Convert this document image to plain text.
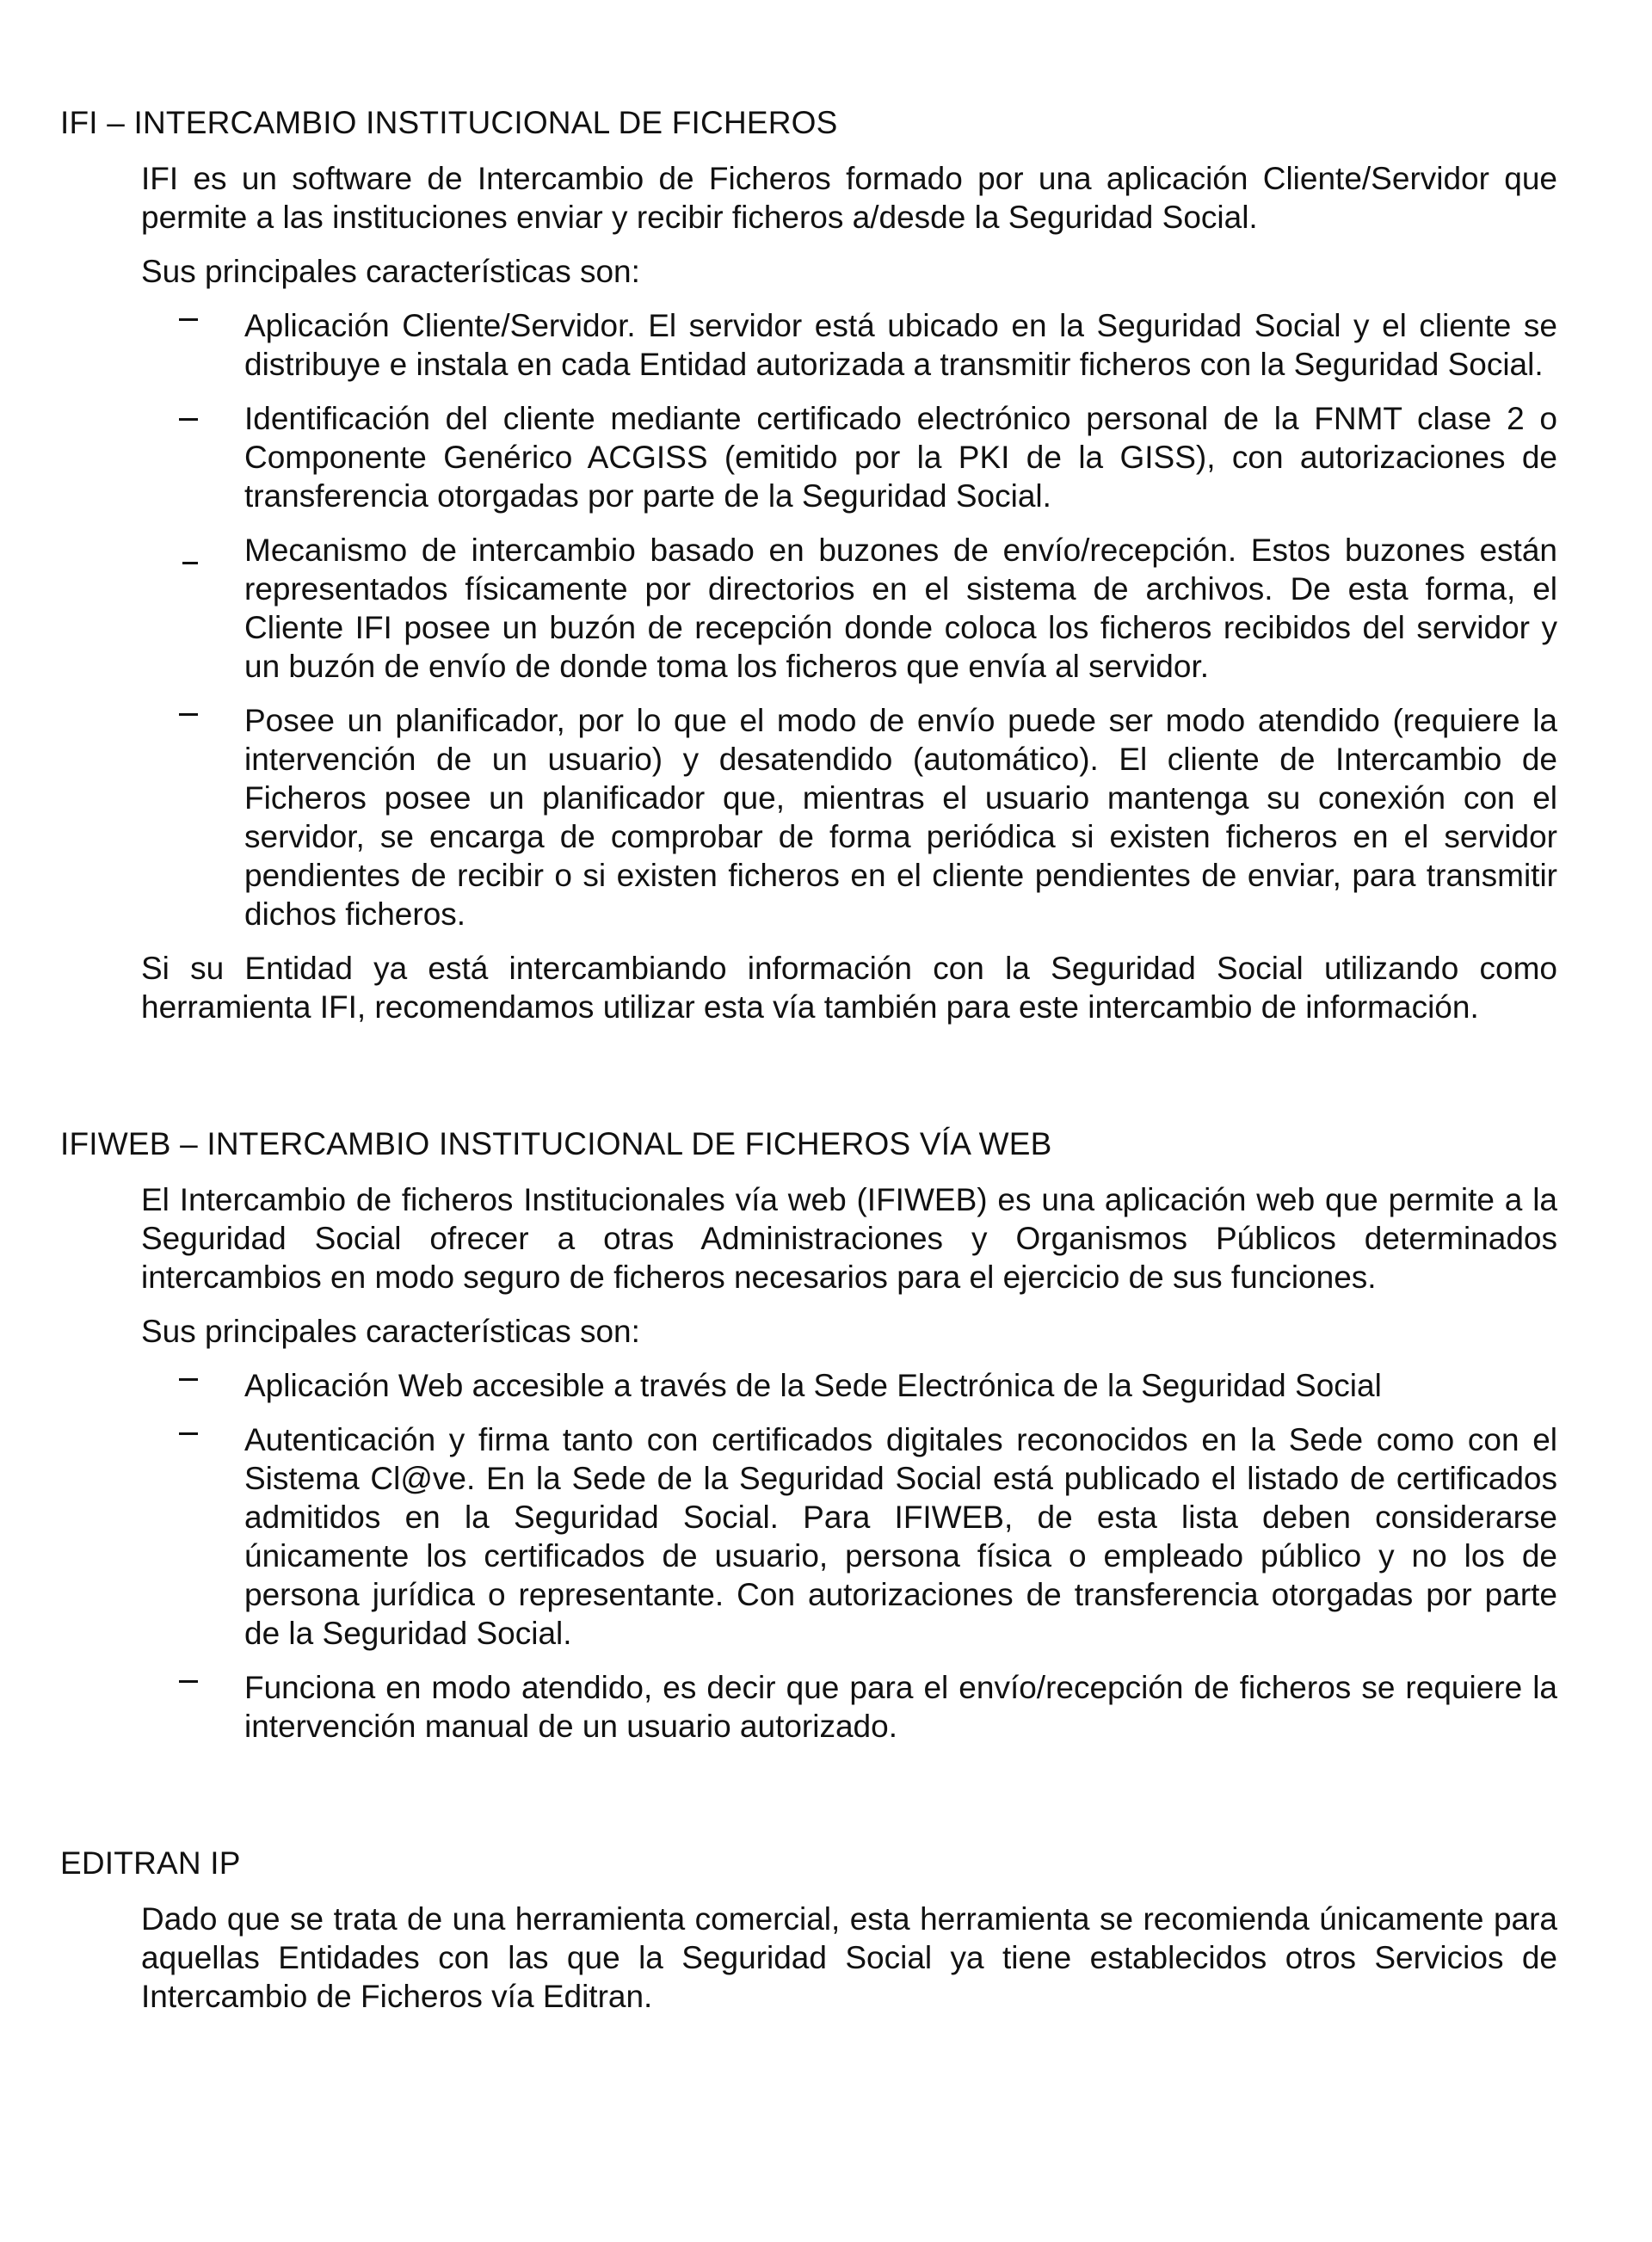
IFI – INTERCAMBIO INSTITUCIONAL DE FICHEROS

IFI es un software de Intercambio de Ficheros formado por una aplicación Cliente/Servidor que permite a las instituciones enviar y recibir ficheros a/desde la Seguridad Social.

Sus principales características son:

Aplicación Cliente/Servidor. El servidor está ubicado en la Seguridad Social y el cliente se distribuye e instala en cada Entidad autorizada a transmitir ficheros con la Seguridad Social.
Identificación del cliente mediante certificado electrónico personal de la FNMT clase 2 o Componente Genérico ACGISS (emitido por la PKI de la GISS), con autorizaciones de transferencia otorgadas por parte de la Seguridad Social.
Mecanismo de intercambio basado en buzones de envío/recepción. Estos buzones están representados físicamente por directorios en el sistema de archivos. De esta forma, el Cliente IFI posee un buzón de recepción donde coloca los ficheros recibidos del servidor y un buzón de envío de donde toma los ficheros que envía al servidor.
Posee un planificador, por lo que el modo de envío puede ser modo atendido (requiere la intervención de un usuario) y desatendido (automático). El cliente de Intercambio de Ficheros posee un planificador que, mientras el usuario mantenga su conexión con el servidor, se encarga de comprobar de forma periódica si existen ficheros en el servidor pendientes de recibir o si existen ficheros en el cliente pendientes de enviar, para transmitir dichos ficheros.

Si su Entidad ya está intercambiando información con la Seguridad Social utilizando como herramienta IFI, recomendamos utilizar esta vía también para este intercambio de información.

IFIWEB – INTERCAMBIO INSTITUCIONAL DE FICHEROS VÍA WEB

El Intercambio de ficheros Institucionales vía web (IFIWEB) es una aplicación web que permite a la Seguridad Social ofrecer a otras Administraciones y Organismos Públicos determinados intercambios en modo seguro de ficheros necesarios para el ejercicio de sus funciones.

Sus principales características son:

Aplicación Web accesible a través de la Sede Electrónica de la Seguridad Social
Autenticación y firma tanto con certificados digitales reconocidos en la Sede como con el Sistema Cl@ve. En la Sede de la Seguridad Social está publicado el listado de certificados admitidos en la Seguridad Social. Para IFIWEB, de esta lista deben considerarse únicamente los certificados de usuario, persona física o empleado público y no los de persona jurídica o representante. Con autorizaciones de transferencia otorgadas por parte de la Seguridad Social.
Funciona en modo atendido, es decir que para el envío/recepción de ficheros se requiere la intervención manual de un usuario autorizado.
EDITRAN IP

Dado que se trata de una herramienta comercial, esta herramienta se recomienda únicamente para aquellas Entidades con las que la Seguridad Social ya tiene establecidos otros Servicios de Intercambio de Ficheros vía Editran.
